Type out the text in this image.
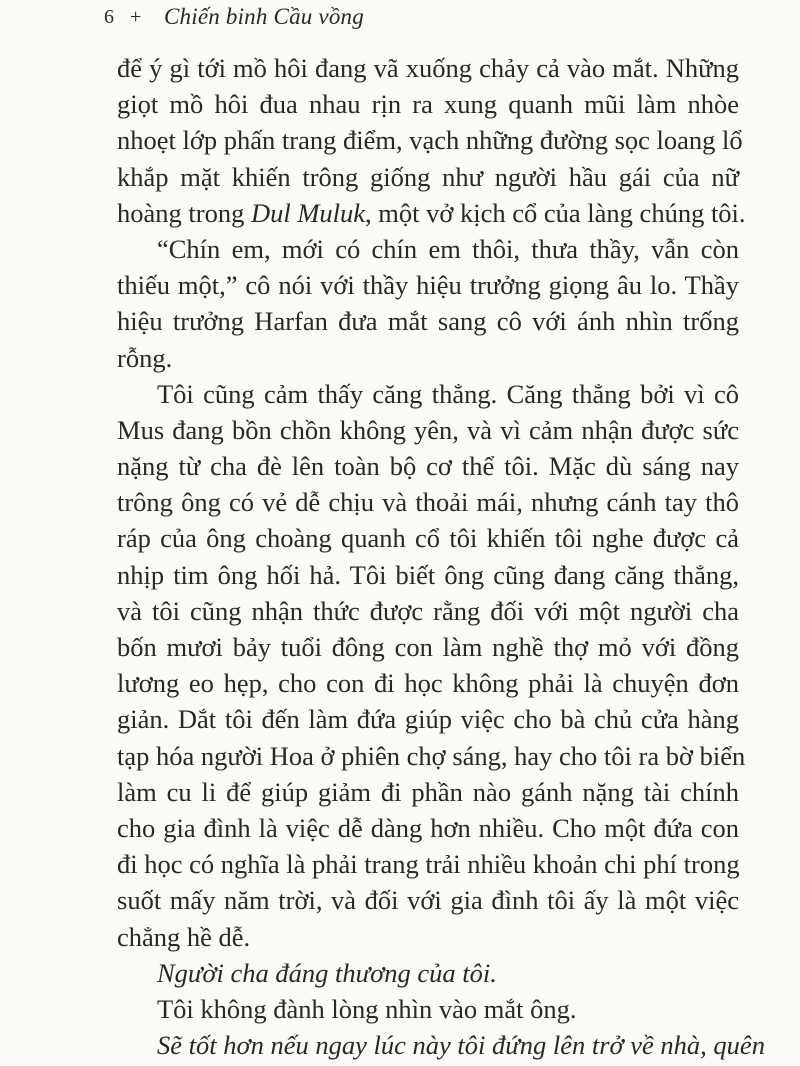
6 + Chiến binh Cầu vồng
để ý gì tới mồ hôi đang vã xuống chảy cả vào mắt. Những
giọt mồ hôi đua nhau rịn ra xung quanh mũi làm nhòe
nhoẹt lớp phấn trang điểm, vạch những đường sọc loang lổ
khắp mặt khiến trông giống như người hầu gái của nữ
hoàng trong Dul Muluk, một vở kịch cổ của làng chúng tôi.
“Chín em, mới có chín em thôi, thưa thầy, vẫn còn
thiếu một,” cô nói với thầy hiệu trưởng giọng âu lo. Thầy
hiệu trưởng Harfan đưa mắt sang cô với ánh nhìn trống
rỗng.
Tôi cũng cảm thấy căng thẳng. Căng thẳng bởi vì cô
Mus đang bồn chồn không yên, và vì cảm nhận được sức
nặng từ cha đè lên toàn bộ cơ thể tôi. Mặc dù sáng nay
trông ông có vẻ dễ chịu và thoải mái, nhưng cánh tay thô
ráp của ông choàng quanh cổ tôi khiến tôi nghe được cả
nhịp tim ông hối hả. Tôi biết ông cũng đang căng thẳng,
và tôi cũng nhận thức được rằng đối với một người cha
bốn mươi bảy tuổi đông con làm nghề thợ mỏ với đồng
lương eo hẹp, cho con đi học không phải là chuyện đơn
giản. Dắt tôi đến làm đứa giúp việc cho bà chủ cửa hàng
tạp hóa người Hoa ở phiên chợ sáng, hay cho tôi ra bờ biển
làm cu li để giúp giảm đi phần nào gánh nặng tài chính
cho gia đình là việc dễ dàng hơn nhiều. Cho một đứa con
đi học có nghĩa là phải trang trải nhiều khoản chi phí trong
suốt mấy năm trời, và đối với gia đình tôi ấy là một việc
chẳng hề dễ.
Người cha đáng thương của tôi.
Tôi không đành lòng nhìn vào mắt ông.
Sẽ tốt hơn nếu ngay lúc này tôi đứng lên trở về nhà, quên
